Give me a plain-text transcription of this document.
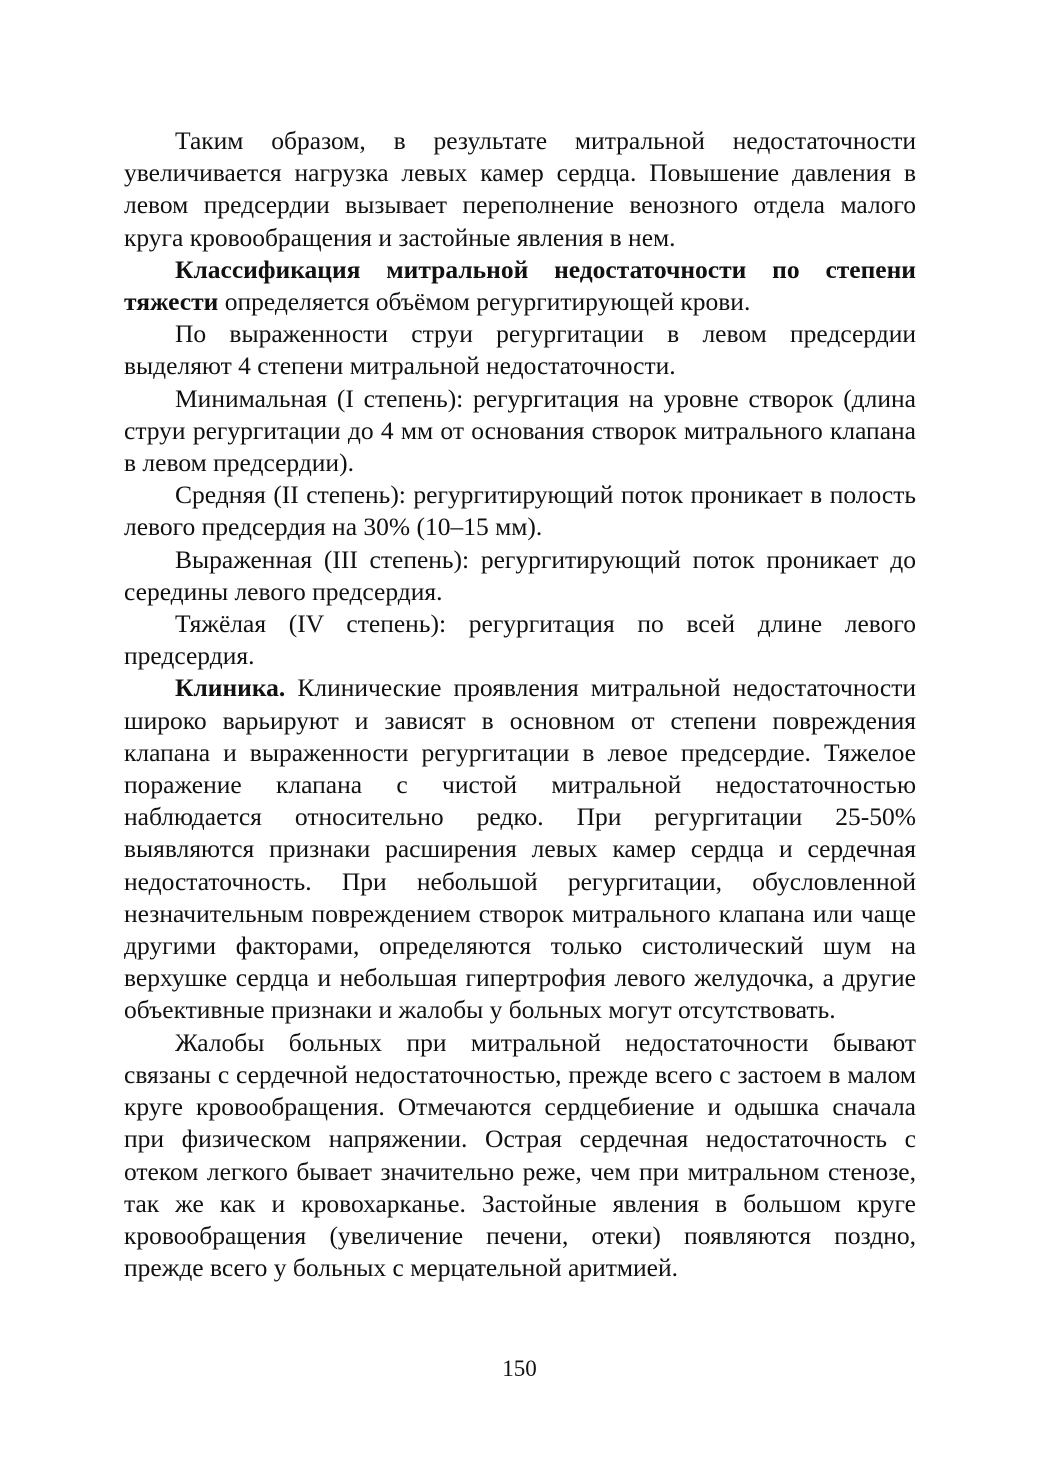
Таким образом, в результате митральной недостаточности увеличивается нагрузка левых камер сердца. Повышение давления в левом предсердии вызывает переполнение венозного отдела малого круга кровообращения и застойные явления в нем.

Классификация митральной недостаточности по степени тяжести определяется объёмом регургитирующей крови.

По выраженности струи регургитации в левом предсердии выделяют 4 степени митральной недостаточности.

Минимальная (I степень): регургитация на уровне створок (длина струи регургитации до 4 мм от основания створок митрального клапана в левом предсердии).

Средняя (II степень): регургитирующий поток проникает в полость левого предсердия на 30% (10–15 мм).

Выраженная (III степень): регургитирующий поток проникает до середины левого предсердия.

Тяжёлая (IV степень): регургитация по всей длине левого предсердия.

Клиника. Клинические проявления митральной недостаточности широко варьируют и зависят в основном от степени повреждения клапана и выраженности регургитации в левое предсердие. Тяжелое поражение клапана с чистой митральной недостаточностью наблюдается относительно редко. При регургитации 25-50% выявляются признаки расширения левых камер сердца и сердечная недостаточность. При небольшой регургитации, обусловленной незначительным повреждением створок митрального клапана или чаще другими факторами, определяются только систолический шум на верхушке сердца и небольшая гипертрофия левого желудочка, а другие объективные признаки и жалобы у больных могут отсутствовать.

Жалобы больных при митральной недостаточности бывают связаны с сердечной недостаточностью, прежде всего с застоем в малом круге кровообращения. Отмечаются сердцебиение и одышка сначала при физическом напряжении. Острая сердечная недостаточность с отеком легкого бывает значительно реже, чем при митральном стенозе, так же как и кровохарканье. Застойные явления в большом круге кровообращения (увеличение печени, отеки) появляются поздно, прежде всего у больных с мерцательной аритмией.

150
